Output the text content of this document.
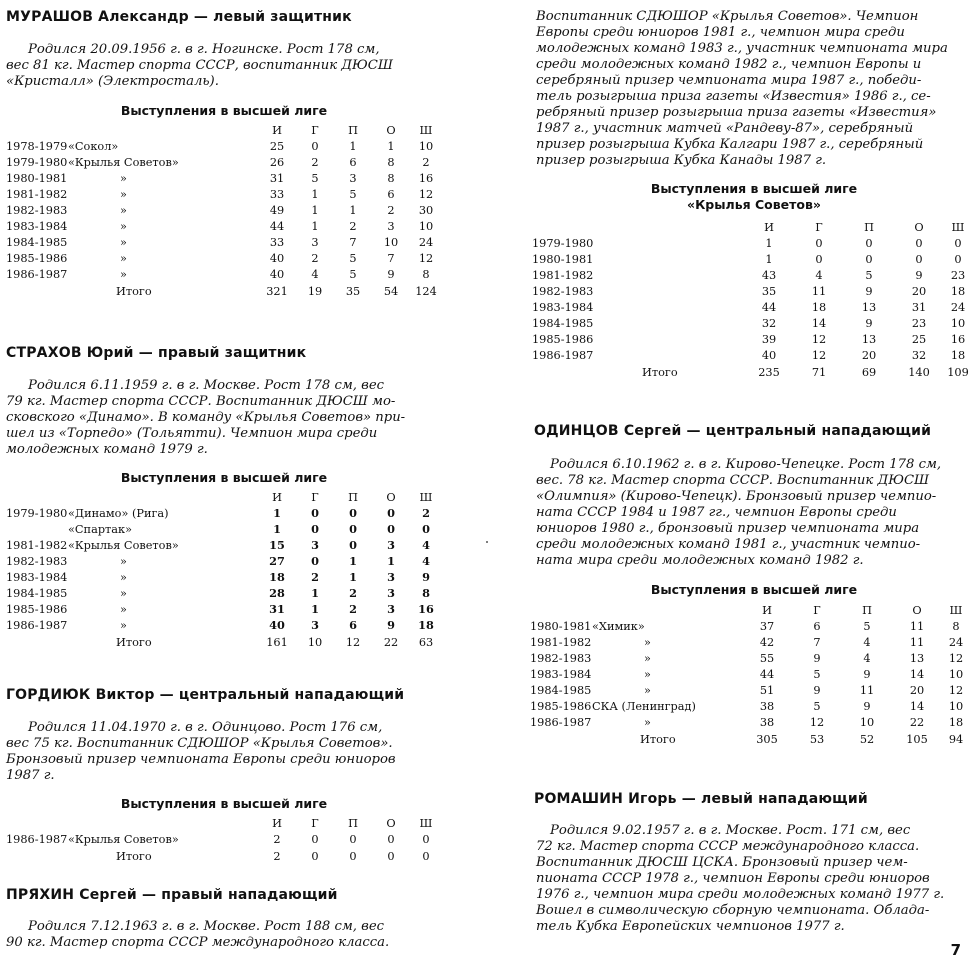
МУРАШОВ Александр — левый защитник
Родился 20.09.1956 г. в г. Ногинске. Рост 178 см,
вес 81 кг. Мастер спорта СССР, воспитанник ДЮСШ
«Кристалл» (Электросталь).
Выступления в высшей лиге
		И	Г	П	О	Ш
1978-1979	«Сокол»	25	0	1	1	10
1979-1980	«Крылья Советов»	26	2	6	8	2
1980-1981	»	31	5	3	8	16
1981-1982	»	33	1	5	6	12
1982-1983	»	49	1	1	2	30
1983-1984	»	44	1	2	3	10
1984-1985	»	33	3	7	10	24
1985-1986	»	40	2	5	7	12
1986-1987	»	40	4	5	9	8
	Итого	321	19	35	54	124
СТРАХОВ Юрий — правый защитник
Родился 6.11.1959 г. в г. Москве. Рост 178 см, вес
79 кг. Мастер спорта СССР. Воспитанник ДЮСШ мо-
сковского «Динамо». В команду «Крылья Советов» при-
шел из «Торпедо» (Тольятти). Чемпион мира среди
молодежных команд 1979 г.
Выступления в высшей лиге
		И	Г	П	О	Ш
1979-1980	«Динамо» (Рига)	1	0	0	0	2
	«Спартак»	1	0	0	0	0
1981-1982	«Крылья Советов»	15	3	0	3	4
1982-1983	»	27	0	1	1	4
1983-1984	»	18	2	1	3	9
1984-1985	»	28	1	2	3	8
1985-1986	»	31	1	2	3	16
1986-1987	»	40	3	6	9	18
	Итого	161	10	12	22	63
ГОРДИЮК Виктор — центральный нападающий
Родился 11.04.1970 г. в г. Одинцово. Рост 176 см,
вес 75 кг. Воспитанник СДЮШОР «Крылья Советов».
Бронзовый призер чемпионата Европы среди юниоров
1987 г.
Выступления в высшей лиге
		И	Г	П	О	Ш
1986-1987	«Крылья Советов»	2	0	0	0	0
	Итого	2	0	0	0	0
ПРЯХИН Сергей — правый нападающий
Родился 7.12.1963 г. в г. Москве. Рост 188 см, вес
90 кг. Мастер спорта СССР международного класса.
Воспитанник СДЮШОР «Крылья Советов». Чемпион
Европы среди юниоров 1981 г., чемпион мира среди
молодежных команд 1983 г., участник чемпионата мира
среди молодежных команд 1982 г., чемпион Европы и
серебряный призер чемпионата мира 1987 г., победи-
тель розыгрыша приза газеты «Известия» 1986 г., се-
ребряный призер розыгрыша приза газеты «Известия»
1987 г., участник матчей «Рандеву-87», серебряный
призер розыгрыша Кубка Калгари 1987 г., серебряный
призер розыгрыша Кубка Канады 1987 г.
Выступления в высшей лиге
«Крылья Советов»
		И	Г	П	О	Ш
1979-1980		1	0	0	0	0
1980-1981		1	0	0	0	0
1981-1982		43	4	5	9	23
1982-1983		35	11	9	20	18
1983-1984		44	18	13	31	24
1984-1985		32	14	9	23	10
1985-1986		39	12	13	25	16
1986-1987		40	12	20	32	18
	Итого	235	71	69	140	109
ОДИНЦОВ Сергей — центральный нападающий
Родился 6.10.1962 г. в г. Кирово-Чепецке. Рост 178 см,
вес. 78 кг. Мастер спорта СССР. Воспитанник ДЮСШ
«Олимпия» (Кирово-Чепецк). Бронзовый призер чемпио-
ната СССР 1984 и 1987 гг., чемпион Европы среди
юниоров 1980 г., бронзовый призер чемпионата мира
среди молодежных команд 1981 г., участник чемпио-
ната мира среди молодежных команд 1982 г.
Выступления в высшей лиге
		И	Г	П	О	Ш
1980-1981	«Химик»	37	6	5	11	8
1981-1982	»	42	7	4	11	24
1982-1983	»	55	9	4	13	12
1983-1984	»	44	5	9	14	10
1984-1985	»	51	9	11	20	12
1985-1986	СКА (Ленинград)	38	5	9	14	10
1986-1987	»	38	12	10	22	18
	Итого	305	53	52	105	94
РОМАШИН Игорь — левый нападающий
Родился 9.02.1957 г. в г. Москве. Рост. 171 см, вес
72 кг. Мастер спорта СССР международного класса.
Воспитанник ДЮСШ ЦСКА. Бронзовый призер чем-
пионата СССР 1978 г., чемпион Европы среди юниоров
1976 г., чемпион мира среди молодежных команд 1977 г.
Вошел в символическую сборную чемпионата. Облада-
тель Кубка Европейских чемпионов 1977 г.
7
